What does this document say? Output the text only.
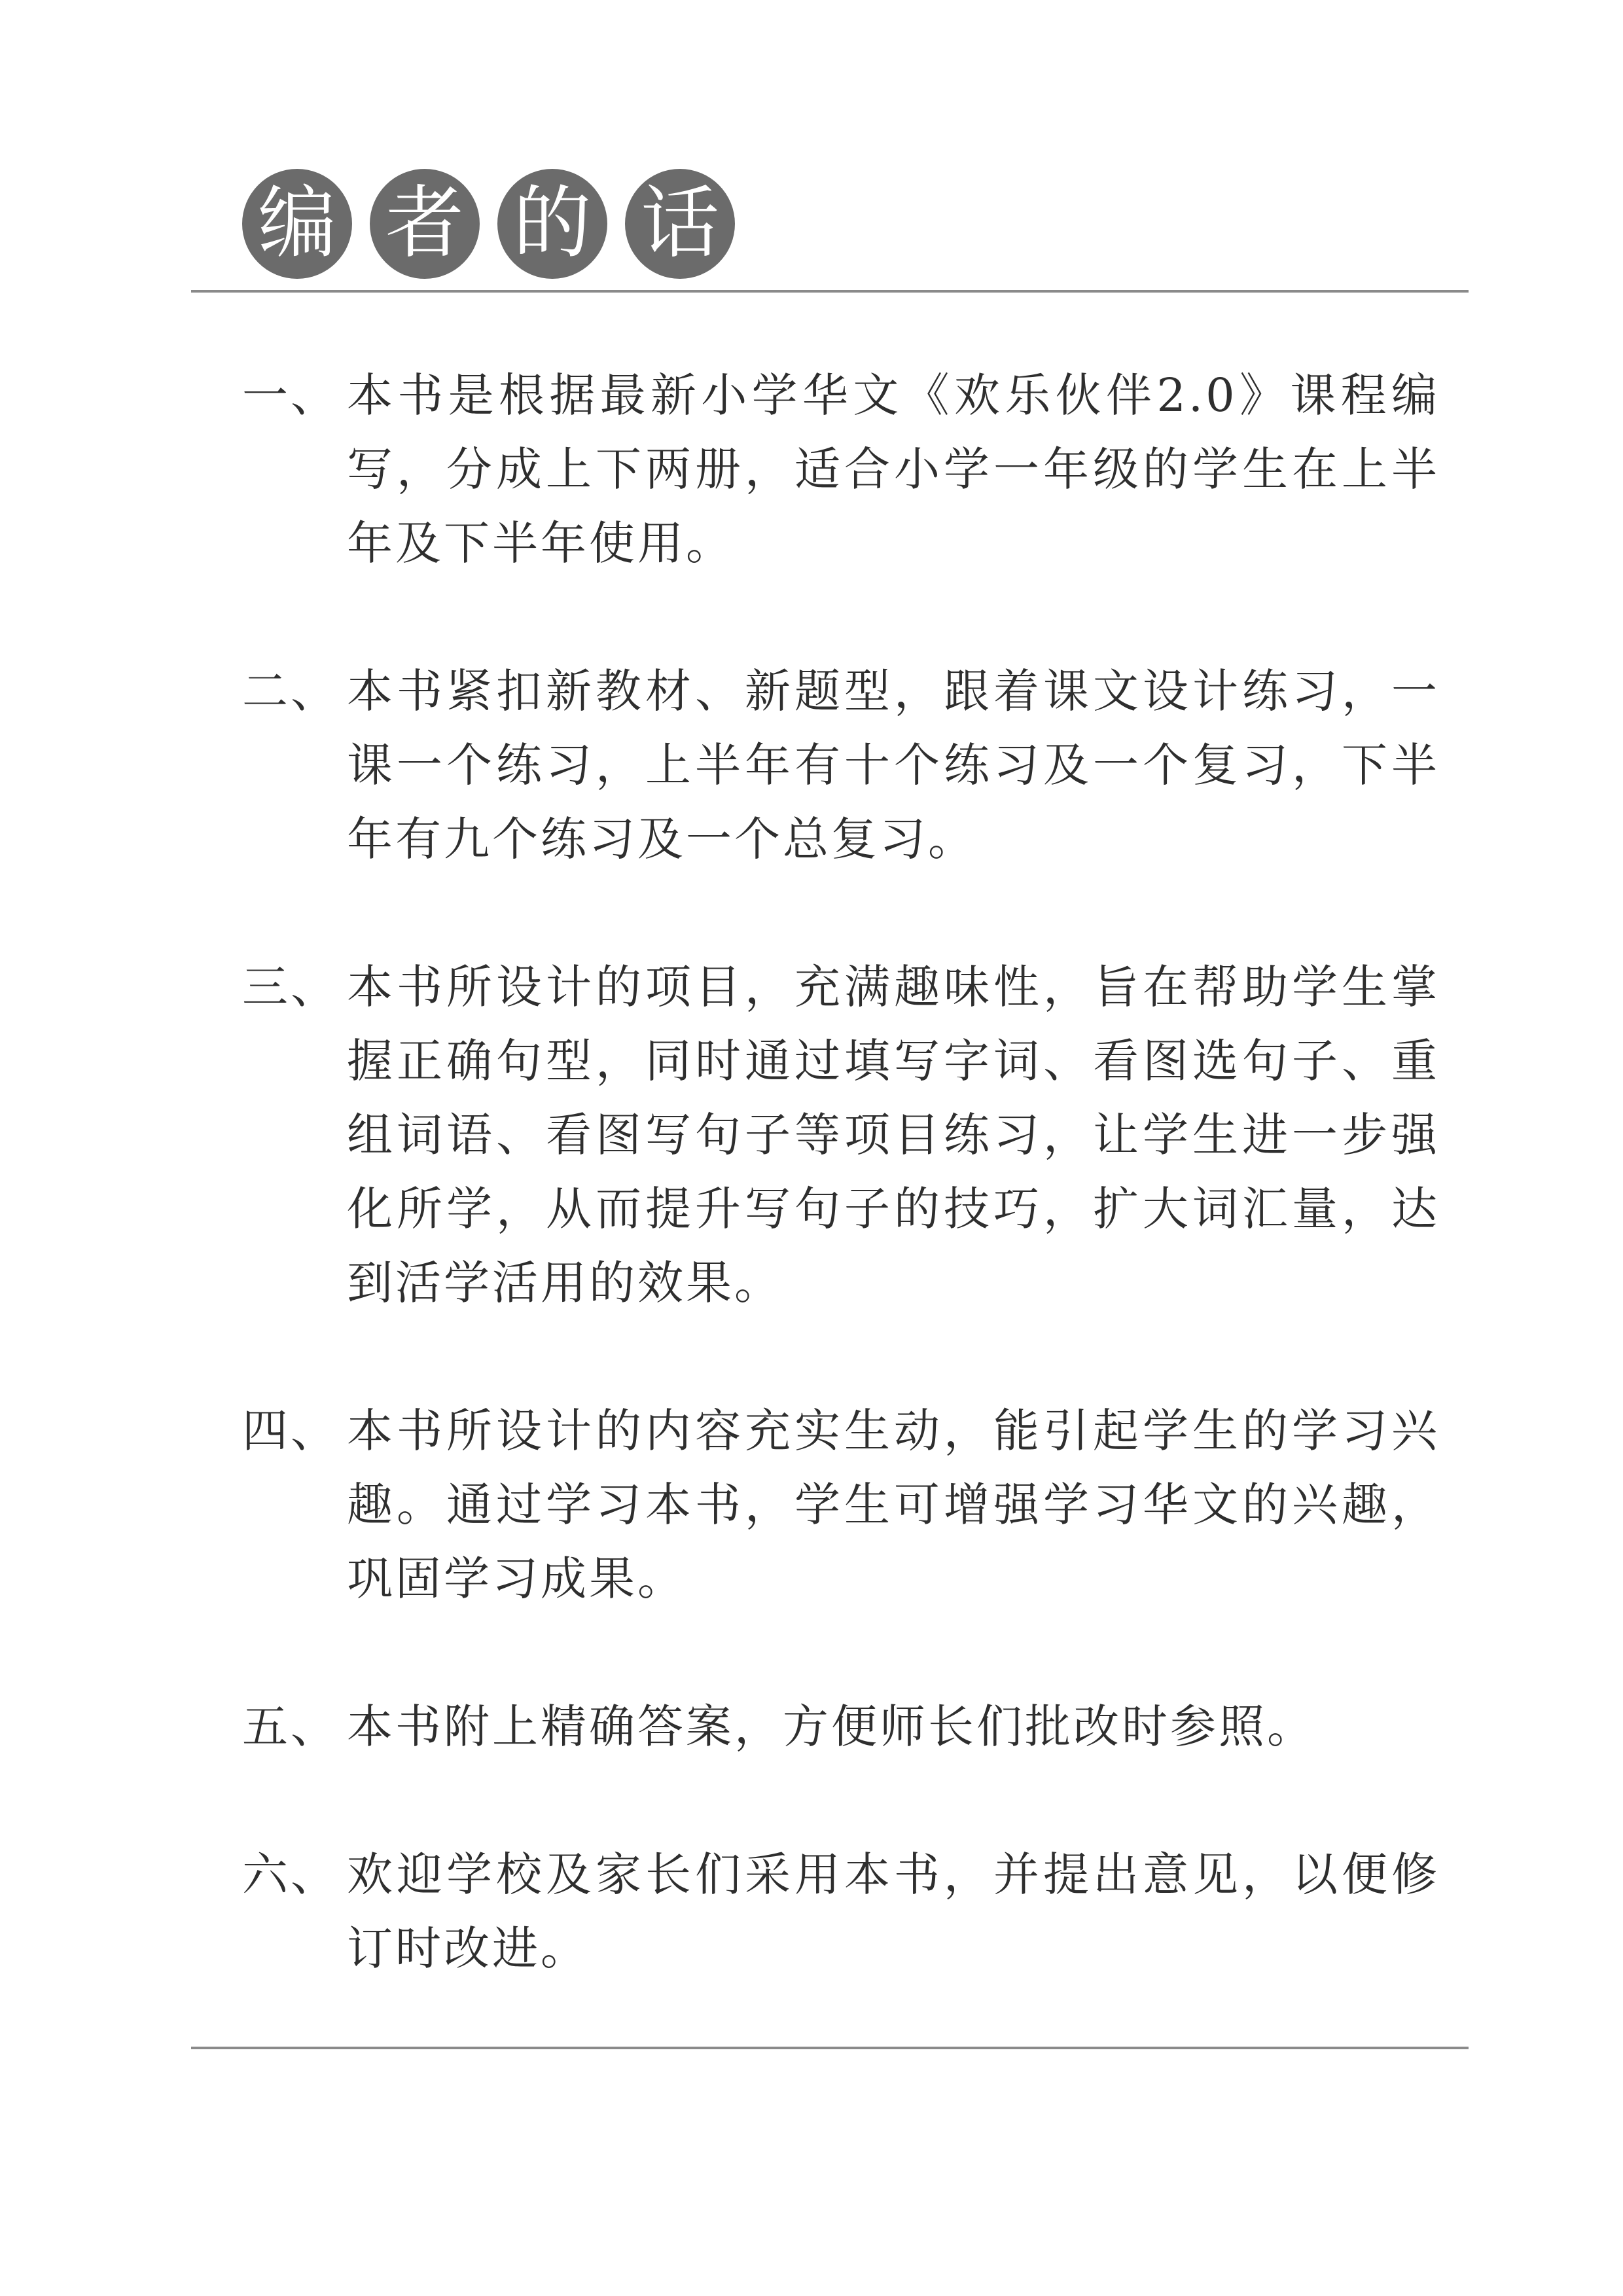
编 者 的 话
一、 本书是根据最新小学华文《欢乐伙伴2.0》课程编写，分成上下两册，适合小学一年级的学生在上半年及下半年使用。
二、 本书紧扣新教材、新题型，跟着课文设计练习，一课一个练习，上半年有十个练习及一个复习，下半年有九个练习及一个总复习。
三、 本书所设计的项目，充满趣味性，旨在帮助学生掌握正确句型，同时通过填写字词、看图选句子、重组词语、看图写句子等项目练习，让学生进一步强化所学，从而提升写句子的技巧，扩大词汇量，达到活学活用的效果。
四、 本书所设计的内容充实生动，能引起学生的学习兴趣。通过学习本书，学生可增强学习华文的兴趣，巩固学习成果。
五、 本书附上精确答案，方便师长们批改时参照。
六、 欢迎学校及家长们采用本书，并提出意见，以便修订时改进。
